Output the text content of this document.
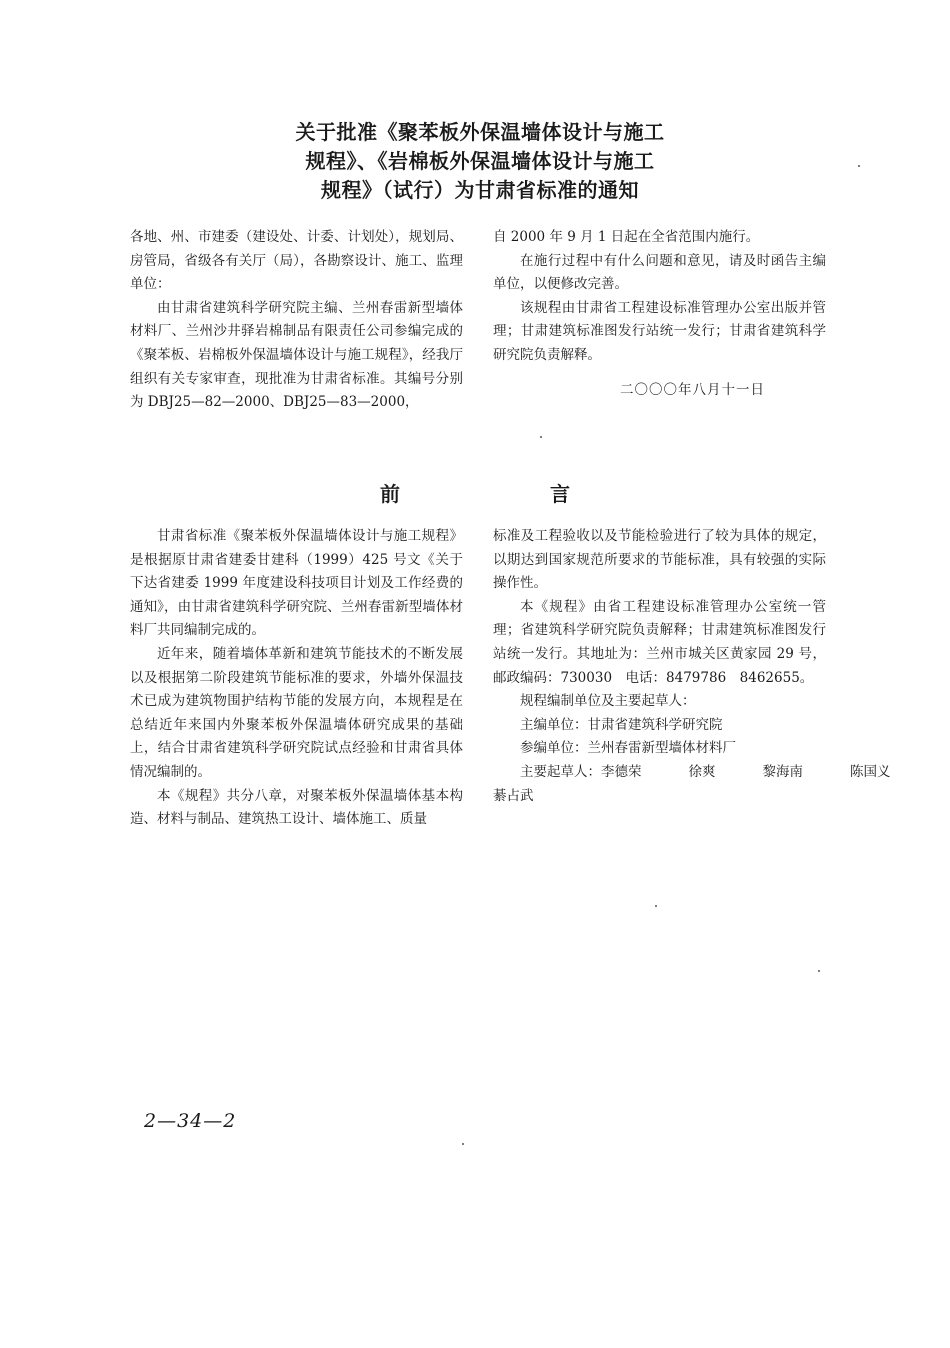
关于批准《聚苯板外保温墙体设计与施工
规程》、《岩棉板外保温墙体设计与施工
规程》（试行）为甘肃省标准的通知

各地、州、市建委（建设处、计委、计划处），规划局、房管局，省级各有关厅（局），各勘察设计、施工、监理单位：

由甘肃省建筑科学研究院主编、兰州春雷新型墙体材料厂、兰州沙井驿岩棉制品有限责任公司参编完成的《聚苯板、岩棉板外保温墙体设计与施工规程》，经我厅组织有关专家审查，现批准为甘肃省标准。其编号分别为 DBJ25—82—2000、DBJ25—83—2000，

自 2000 年 9 月 1 日起在全省范围内施行。

在施行过程中有什么问题和意见，请及时函告主编单位，以便修改完善。

该规程由甘肃省工程建设标准管理办公室出版并管理；甘肃建筑标准图发行站统一发行；甘肃省建筑科学研究院负责解释。

二〇〇〇年八月十一日
前	言

甘肃省标准《聚苯板外保温墙体设计与施工规程》是根据原甘肃省建委甘建科（1999）425 号文《关于下达省建委 1999 年度建设科技项目计划及工作经费的通知》，由甘肃省建筑科学研究院、兰州春雷新型墙体材料厂共同编制完成的。

近年来，随着墙体革新和建筑节能技术的不断发展以及根据第二阶段建筑节能标准的要求，外墙外保温技术已成为建筑物围护结构节能的发展方向，本规程是在总结近年来国内外聚苯板外保温墙体研究成果的基础上，结合甘肃省建筑科学研究院试点经验和甘肃省具体情况编制的。

本《规程》共分八章，对聚苯板外保温墙体基本构造、材料与制品、建筑热工设计、墙体施工、质量

标准及工程验收以及节能检验进行了较为具体的规定，以期达到国家规范所要求的节能标准，具有较强的实际操作性。

本《规程》由省工程建设标准管理办公室统一管理；省建筑科学研究院负责解释；甘肃建筑标准图发行站统一发行。其地址为：兰州市城关区黄家园 29 号，邮政编码：730030　电话：8479786　8462655。

规程编制单位及主要起草人：

主编单位：甘肃省建筑科学研究院

参编单位：兰州春雷新型墙体材料厂

主要起草人：李德荣	徐爽	黎海南	陈国义

綦占武

2—34—2
